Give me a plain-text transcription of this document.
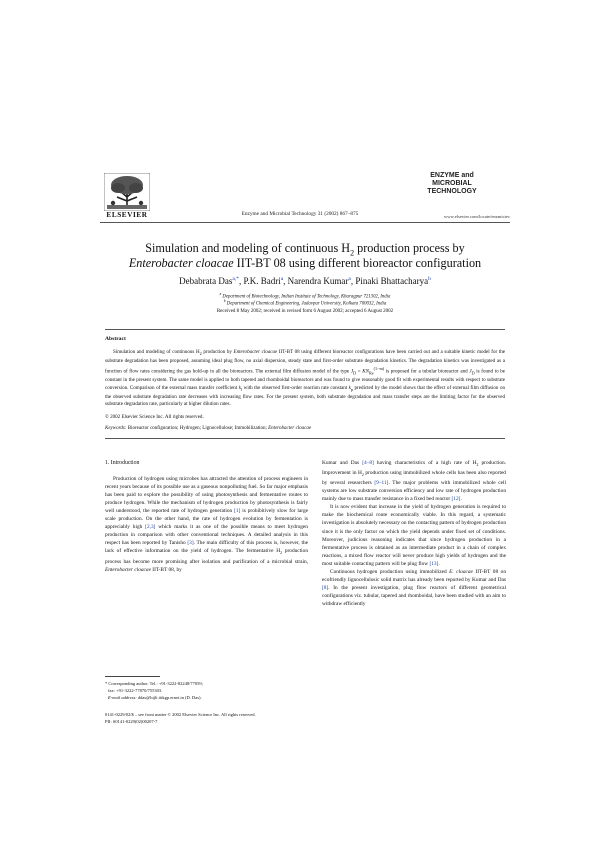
ELSEVIER	Enzyme and Microbial Technology 31 (2002) 867–875
ENZYME and
MICROBIAL
TECHNOLOGY
www.elsevier.com/locate/enzmictec
Simulation and modeling of continuous $H_2$ production process by
Enterobacter cloacae IIT-BT 08 using different bioreactor configuration
Debabrata Das$^{a,*}$, P.K. Badri$^a$, Narendra Kumar$^a$, Pinaki Bhattacharya$^b$
$^a$ Department of Biotechnology, Indian Institute of Technology, Kharagpur 721302, India
$^b$ Department of Chemical Engineering, Jadavpur University, Kolkata 700032, India
Received 8 May 2002; received in revised form 6 August 2002; accepted 6 August 2002
Abstract
Simulation and modeling of continuous $H_2$ production by Enterobacter cloacae IIT-BT 08 using different bioreactor configurations have been carried out and a suitable kinetic model for the substrate degradation has been proposed, assuming ideal plug flow, no axial dispersion, steady state and first-order substrate degradation kinetics. The degradation kinetics was investigated as a function of flow rates considering the gas hold-up in all the bioreactors. The external film diffusion model of the type $J_D = KN_{Re}^{(1-m)}$ is proposed for a tubular bioreactor and $J_D$ is found to be constant in the present system. The same model is applied to both tapered and rhomboidal bioreactors and was found to give reasonably good fit with experimental results with respect to substrate conversion. Comparison of the external mass transfer coefficient $k_l$ with the observed first-order reaction rate constant $k_p$ predicted by the model shows that the effect of external film diffusion on the observed substrate degradation rate decreases with increasing flow rates. For the present system, both substrate degradation and mass transfer steps are the limiting factor for the observed substrate degradation rate, particularly at higher dilution rates.
© 2002 Elsevier Science Inc. All rights reserved.
Keywords: Bioreactor configuration; Hydrogen; Lignocellulose; Immobilization; Enterobacter cloacae
1. Introduction

Production of hydrogen using microbes has attracted the attention of process engineers in recent years because of its possible use as a gaseous nonpolluting fuel. So far major emphasis has been paid to explore the possibility of using photosynthesis and fermentative routes to produce hydrogen. While the mechanism of hydrogen production by photosynthesis is fairly well understood, the reported rate of hydrogen generation [1] is prohibitively slow for large scale production. On the other hand, the rate of hydrogen evolution by fermentation is appreciably high [2,3] which marks it as one of the possible means to meet hydrogen production in comparison with other conventional techniques. A detailed analysis in this respect has been reported by Tanisho [3]. The main difficulty of this process is, however, the lack of effective information on the yield of hydrogen. The fermentative $H_2$ production process has become more promising after isolation and purification of a microbial strain, Enterobacter cloacae IIT-BT 08, by

Kumar and Das [4–8] having characteristics of a high rate of $H_2$ production. Improvement in $H_2$ production using immobilized whole cells has been also reported by several researchers [9–11]. The major problems with immobilized whole cell systems are low substrate conversion efficiency and low rate of hydrogen production mainly due to mass transfer resistance in a fixed bed reactor [12].

It is now evident that increase in the yield of hydrogen generation is required to make the biochemical route economically viable. In this regard, a systematic investigation is absolutely necessary on the contacting pattern of hydrogen production since it is the only factor on which the yield depends under fixed set of conditions. Moreover, judicious reasoning indicates that since hydrogen production in a fermentative process is obtained as an intermediate product in a chain of complex reactions, a mixed flow reactor will never produce high yields of hydrogen and the most suitable contacting pattern will be plug flow [13].

Continuous hydrogen production using immobilized E. cloacae IIT-BT 08 on ecofriendly lignocellulosic solid matrix has already been reported by Kumar and Das [8]. In the present investigation, plug flow reactors of different geometrical configurations viz. tubular, tapered and rhomboidal, have been studied with an aim to withdraw efficiently

* Corresponding author. Tel.: +91-3222-82248/77059;
fax: +91-3222-77870/755303.
E-mail address: ddas@hijli.iitkgp.ernet.in (D. Das).
0141-0229/02/$ – see front matter © 2002 Elsevier Science Inc. All rights reserved.
PII: S0141-0229(02)00207-7
